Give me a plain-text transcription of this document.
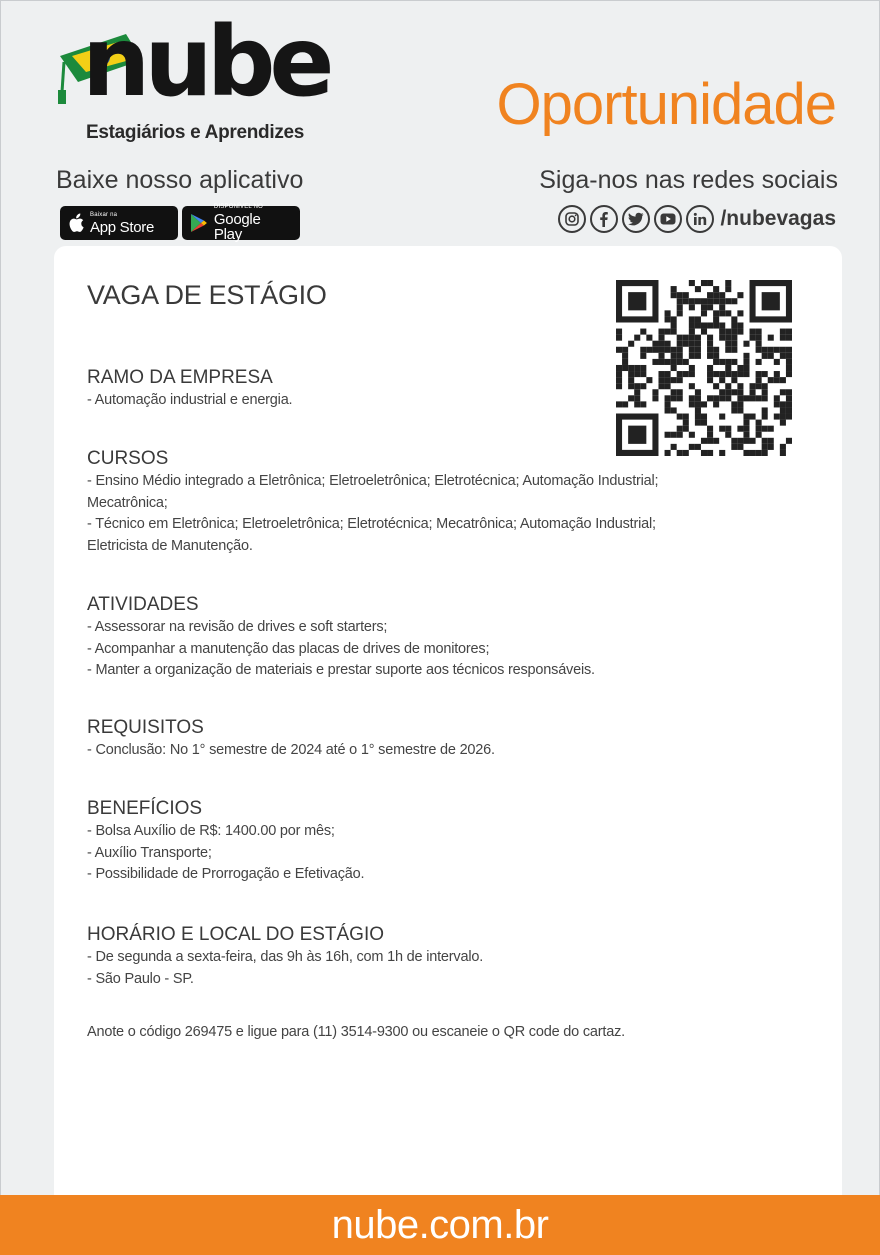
nube
Estagiários e Aprendizes	Oportunidade
Baixe nosso aplicativo	Siga-nos nas redes sociais
Baixar na
App Store
DISPONÍVEL NO
Google Play
/nubevagas
VAGA DE ESTÁGIO
RAMO DA EMPRESA
- Automação industrial e energia.
CURSOS
- Ensino Médio integrado a Eletrônica; Eletroeletrônica; Eletrotécnica; Automação Industrial;
Mecatrônica;
- Técnico em Eletrônica; Eletroeletrônica; Eletrotécnica; Mecatrônica; Automação Industrial;
Eletricista de Manutenção.
ATIVIDADES
- Assessorar na revisão de drives e soft starters;
- Acompanhar a manutenção das placas de drives de monitores;
- Manter a organização de materiais e prestar suporte aos técnicos responsáveis.
REQUISITOS
- Conclusão: No 1° semestre de 2024 até o 1° semestre de 2026.
BENEFÍCIOS
- Bolsa Auxílio de R$: 1400.00 por mês;
- Auxílio Transporte;
- Possibilidade de Prorrogação e Efetivação.
HORÁRIO E LOCAL DO ESTÁGIO
- De segunda a sexta-feira, das 9h às 16h, com 1h de intervalo.
- São Paulo - SP.
Anote o código 269475 e ligue para (11) 3514-9300 ou escaneie o QR code do cartaz.
nube.com.br
